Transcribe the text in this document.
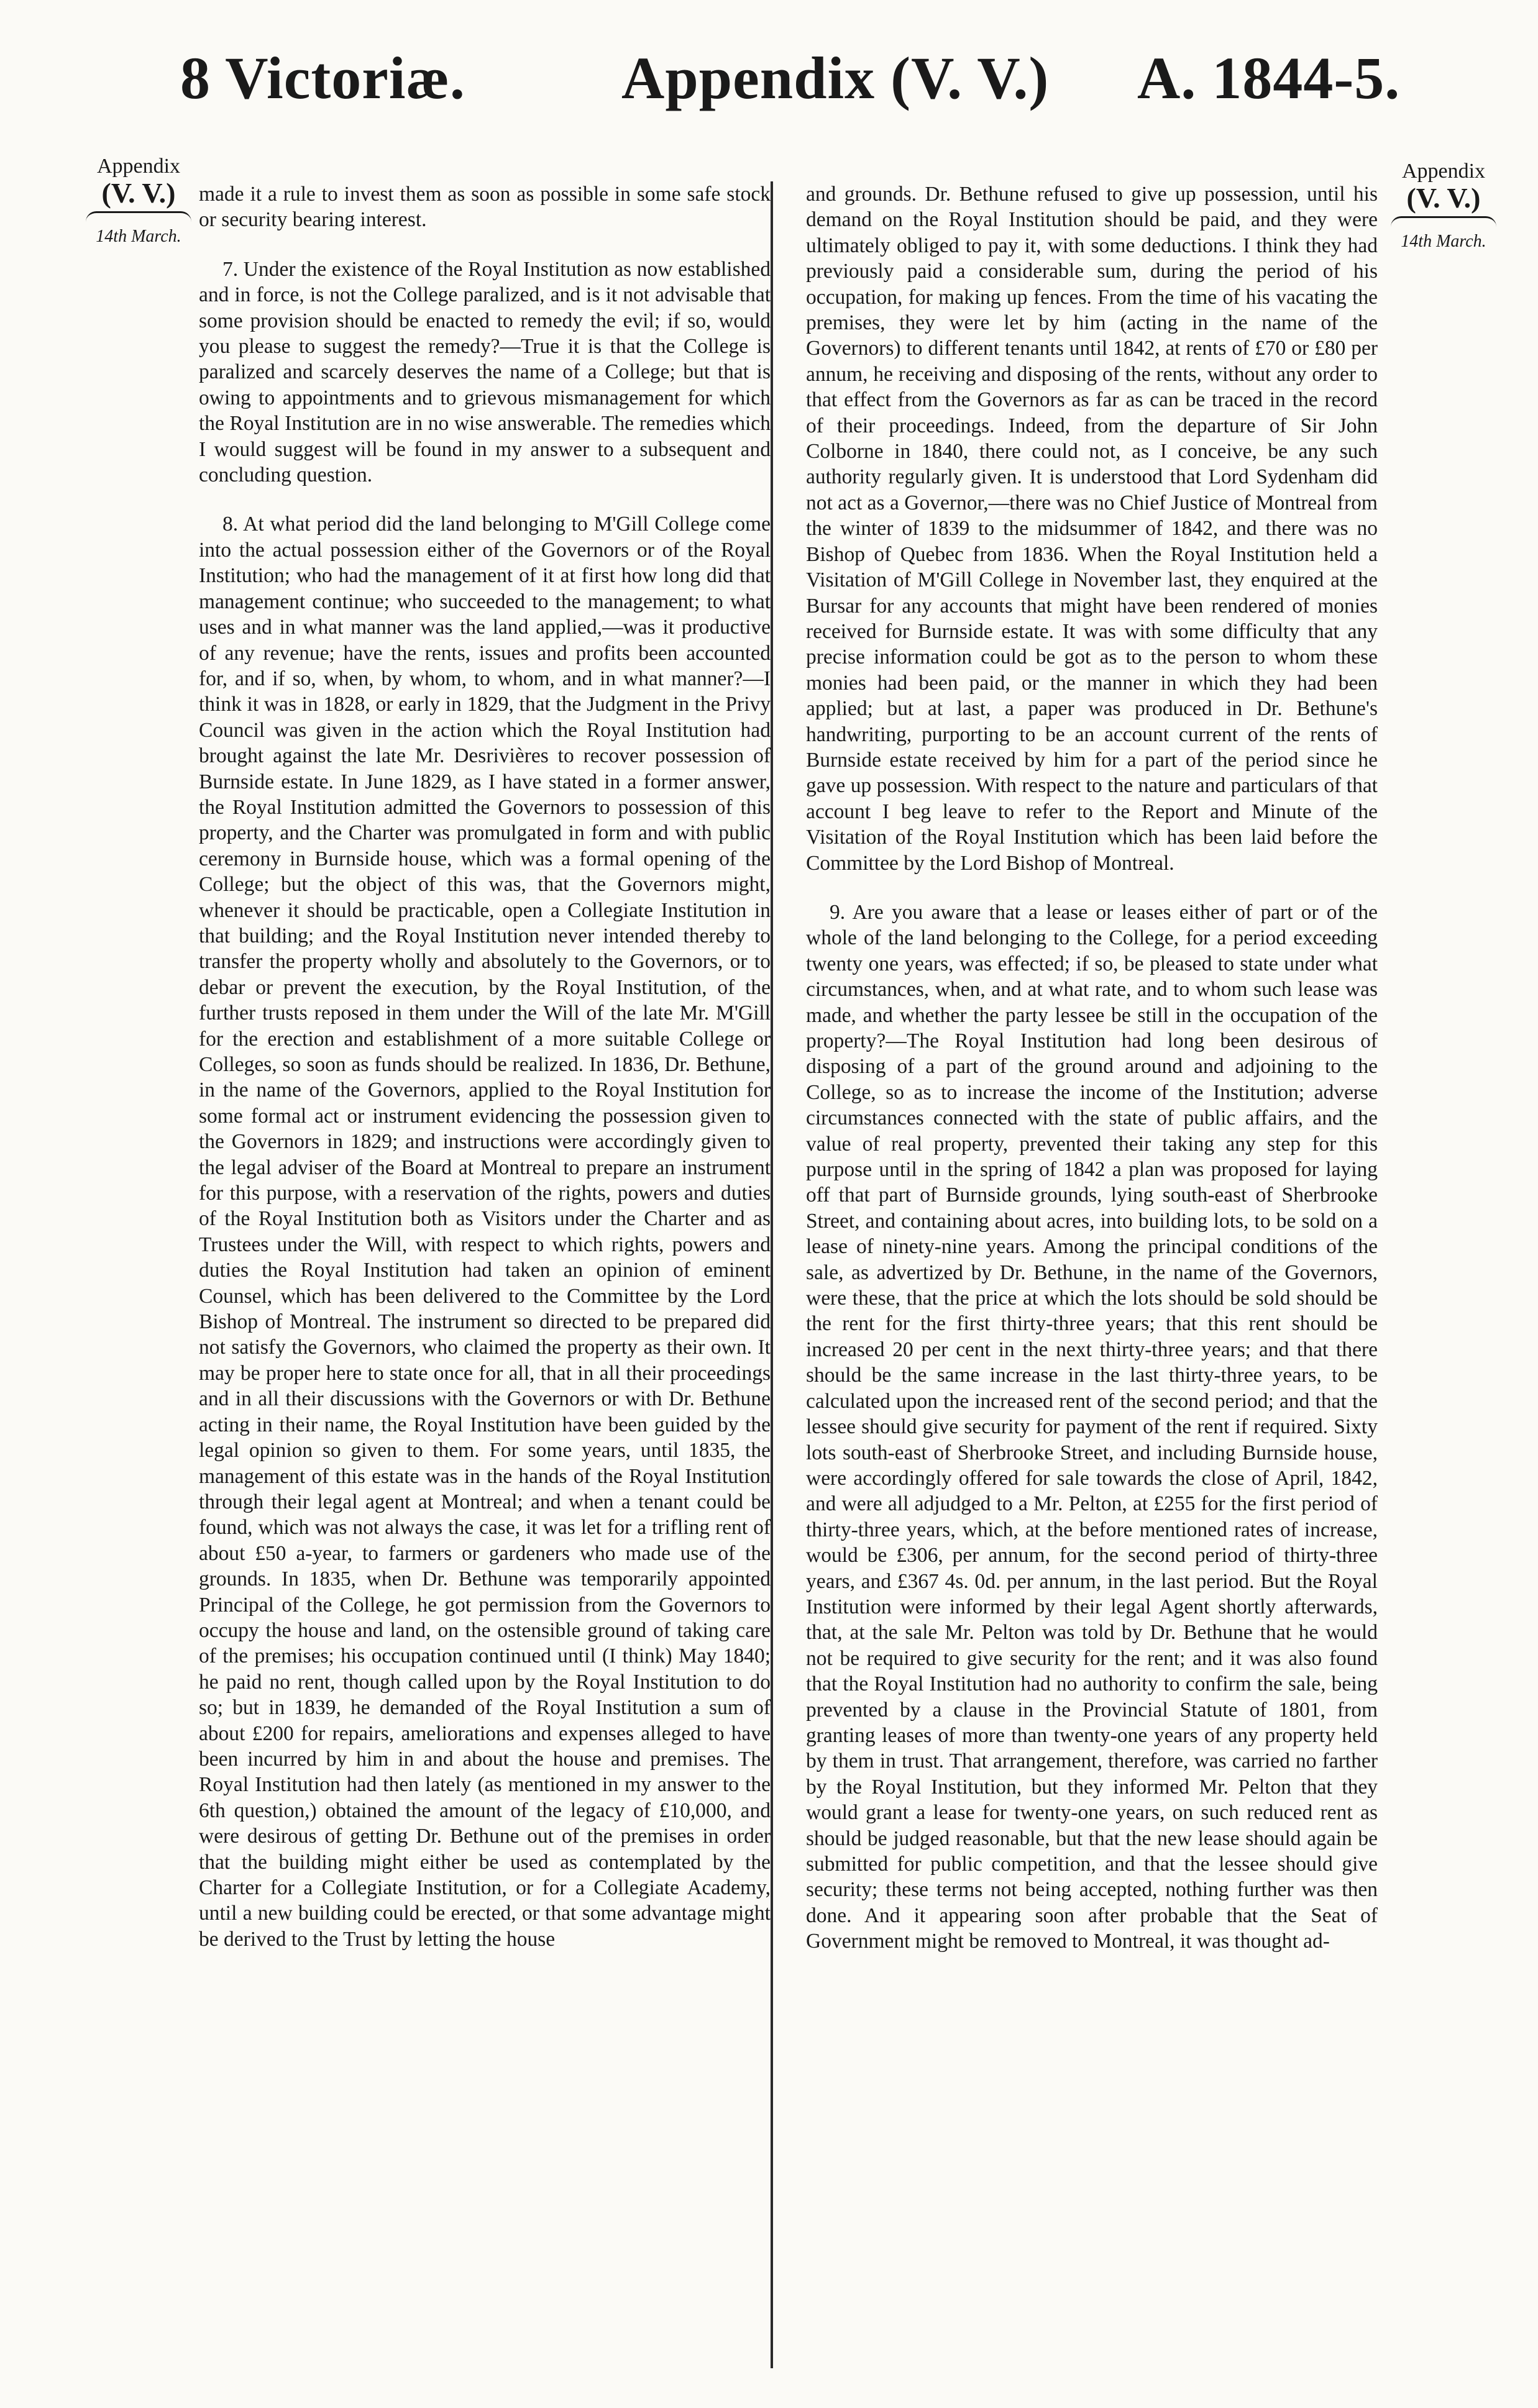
8 Victoriæ.	Appendix (V. V.) A. 1844-5.
Appendix
(V. V.)
14th March.
Appendix
(V. V.)
14th March.

made it a rule to invest them as soon as possible in some safe stock or security bearing interest.

7. Under the existence of the Royal Institution as now established and in force, is not the College paralized, and is it not advisable that some provision should be enacted to remedy the evil; if so, would you please to suggest the remedy?—True it is that the College is paralized and scarcely deserves the name of a College; but that is owing to appointments and to grievous mismanagement for which the Royal Institution are in no wise answerable. The remedies which I would suggest will be found in my answer to a subsequent and concluding question.

8. At what period did the land belonging to M'Gill College come into the actual possession either of the Governors or of the Royal Institution; who had the management of it at first how long did that management continue; who succeeded to the management; to what uses and in what manner was the land applied,—was it productive of any revenue; have the rents, issues and profits been accounted for, and if so, when, by whom, to whom, and in what manner?—I think it was in 1828, or early in 1829, that the Judgment in the Privy Council was given in the action which the Royal Institution had brought against the late Mr. Desrivières to recover possession of Burnside estate. In June 1829, as I have stated in a former answer, the Royal Institution admitted the Governors to possession of this property, and the Charter was promulgated in form and with public ceremony in Burnside house, which was a formal opening of the College; but the object of this was, that the Governors might, whenever it should be practicable, open a Collegiate Institution in that building; and the Royal Institution never intended thereby to transfer the property wholly and absolutely to the Governors, or to debar or prevent the execution, by the Royal Institution, of the further trusts reposed in them under the Will of the late Mr. M'Gill for the erection and establishment of a more suitable College or Colleges, so soon as funds should be realized. In 1836, Dr. Bethune, in the name of the Governors, applied to the Royal Institution for some formal act or instrument evidencing the possession given to the Governors in 1829; and instructions were accordingly given to the legal adviser of the Board at Montreal to prepare an instrument for this purpose, with a reservation of the rights, powers and duties of the Royal Institution both as Visitors under the Charter and as Trustees under the Will, with respect to which rights, powers and duties the Royal Institution had taken an opinion of eminent Counsel, which has been delivered to the Committee by the Lord Bishop of Montreal. The instrument so directed to be prepared did not satisfy the Governors, who claimed the property as their own. It may be proper here to state once for all, that in all their proceedings and in all their discussions with the Governors or with Dr. Bethune acting in their name, the Royal Institution have been guided by the legal opinion so given to them. For some years, until 1835, the management of this estate was in the hands of the Royal Institution through their legal agent at Montreal; and when a tenant could be found, which was not always the case, it was let for a trifling rent of about £50 a-year, to farmers or gardeners who made use of the grounds. In 1835, when Dr. Bethune was temporarily appointed Principal of the College, he got permission from the Governors to occupy the house and land, on the ostensible ground of taking care of the premises; his occupation continued until (I think) May 1840; he paid no rent, though called upon by the Royal Institution to do so; but in 1839, he demanded of the Royal Institution a sum of about £200 for repairs, ameliorations and expenses alleged to have been incurred by him in and about the house and premises. The Royal Institution had then lately (as mentioned in my answer to the 6th question,) obtained the amount of the legacy of £10,000, and were desirous of getting Dr. Bethune out of the premises in order that the building might either be used as contemplated by the Charter for a Collegiate Institution, or for a Collegiate Academy, until a new building could be erected, or that some advantage might be derived to the Trust by letting the house

and grounds. Dr. Bethune refused to give up possession, until his demand on the Royal Institution should be paid, and they were ultimately obliged to pay it, with some deductions. I think they had previously paid a considerable sum, during the period of his occupation, for making up fences. From the time of his vacating the premises, they were let by him (acting in the name of the Governors) to different tenants until 1842, at rents of £70 or £80 per annum, he receiving and disposing of the rents, without any order to that effect from the Governors as far as can be traced in the record of their proceedings. Indeed, from the departure of Sir John Colborne in 1840, there could not, as I conceive, be any such authority regularly given. It is understood that Lord Sydenham did not act as a Governor,—there was no Chief Justice of Montreal from the winter of 1839 to the midsummer of 1842, and there was no Bishop of Quebec from 1836. When the Royal Institution held a Visitation of M'Gill College in November last, they enquired at the Bursar for any accounts that might have been rendered of monies received for Burnside estate. It was with some difficulty that any precise information could be got as to the person to whom these monies had been paid, or the manner in which they had been applied; but at last, a paper was produced in Dr. Bethune's handwriting, purporting to be an account current of the rents of Burnside estate received by him for a part of the period since he gave up possession. With respect to the nature and particulars of that account I beg leave to refer to the Report and Minute of the Visitation of the Royal Institution which has been laid before the Committee by the Lord Bishop of Montreal.

9. Are you aware that a lease or leases either of part or of the whole of the land belonging to the College, for a period exceeding twenty one years, was effected; if so, be pleased to state under what circumstances, when, and at what rate, and to whom such lease was made, and whether the party lessee be still in the occupation of the property?—The Royal Institution had long been desirous of disposing of a part of the ground around and adjoining to the College, so as to increase the income of the Institution; adverse circumstances connected with the state of public affairs, and the value of real property, prevented their taking any step for this purpose until in the spring of 1842 a plan was proposed for laying off that part of Burnside grounds, lying south-east of Sherbrooke Street, and containing about acres, into building lots, to be sold on a lease of ninety-nine years. Among the principal conditions of the sale, as advertized by Dr. Bethune, in the name of the Governors, were these, that the price at which the lots should be sold should be the rent for the first thirty-three years; that this rent should be increased 20 per cent in the next thirty-three years; and that there should be the same increase in the last thirty-three years, to be calculated upon the increased rent of the second period; and that the lessee should give security for payment of the rent if required. Sixty lots south-east of Sherbrooke Street, and including Burnside house, were accordingly offered for sale towards the close of April, 1842, and were all adjudged to a Mr. Pelton, at £255 for the first period of thirty-three years, which, at the before mentioned rates of increase, would be £306, per annum, for the second period of thirty-three years, and £367 4s. 0d. per annum, in the last period. But the Royal Institution were informed by their legal Agent shortly afterwards, that, at the sale Mr. Pelton was told by Dr. Bethune that he would not be required to give security for the rent; and it was also found that the Royal Institution had no authority to confirm the sale, being prevented by a clause in the Provincial Statute of 1801, from granting leases of more than twenty-one years of any property held by them in trust. That arrangement, therefore, was carried no farther by the Royal Institution, but they informed Mr. Pelton that they would grant a lease for twenty-one years, on such reduced rent as should be judged reasonable, but that the new lease should again be submitted for public competition, and that the lessee should give security; these terms not being accepted, nothing further was then done. And it appearing soon after probable that the Seat of Government might be removed to Montreal, it was thought ad-
